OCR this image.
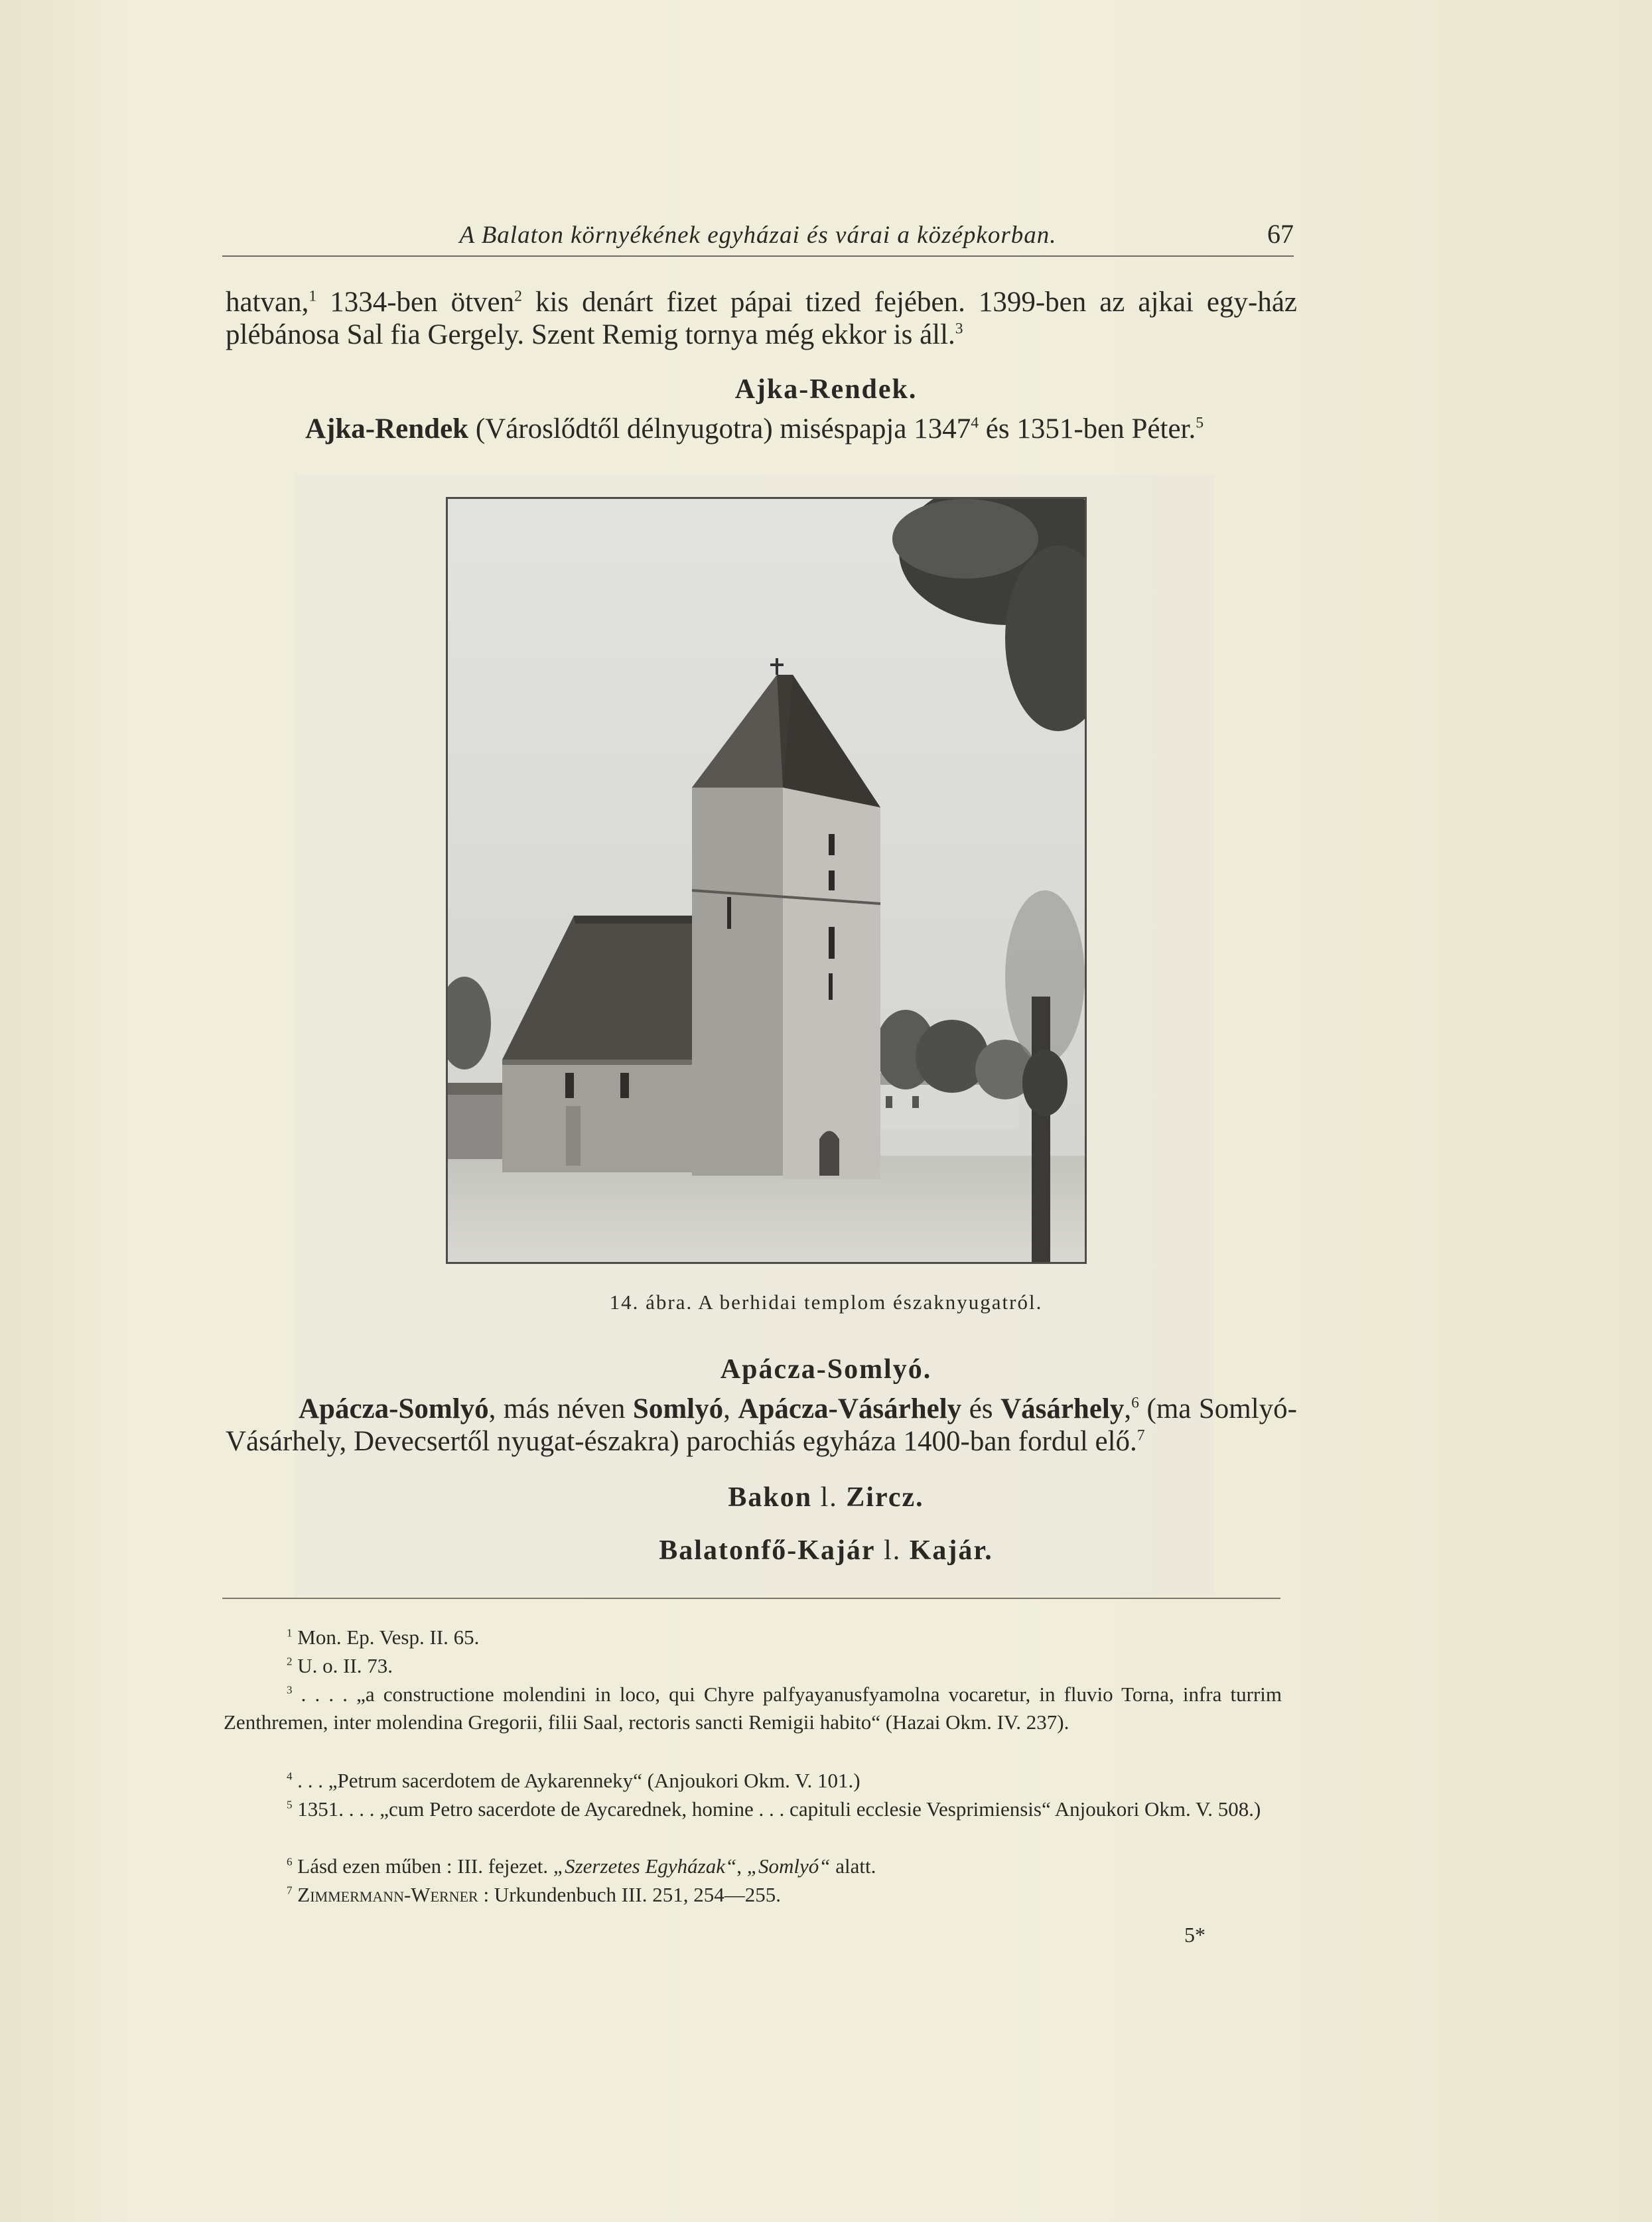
A Balaton környékének egyházai és várai a középkorban.	67

hatvan,$^1$ 1334-ben ötven$^2$ kis denárt fizet pápai tized fejében. 1399-ben az ajkai egy-ház plébánosa Sal fia Gergely. Szent Remig tornya még ekkor is áll.$^3$

Ajka-Rendek.

Ajka-Rendek (Városlődtől délnyugotra) miséspapja 1347$^4$ és 1351-ben Péter.$^5$

14. ábra. A berhidai templom északnyugatról.
Apácza-Somlyó.

Apácza-Somlyó, más néven Somlyó, Apácza-Vásárhely és Vásárhely,$^6$ (ma Somlyó-Vásárhely, Devecsertől nyugat-északra) parochiás egyháza 1400-ban fordul elő.$^7$

Bakon l. Zircz.
Balatonfő-Kajár l. Kajár.

$^1$ Mon. Ep. Vesp. II. 65.

$^2$ U. o. II. 73.

$^3$ . . . . „a constructione molendini in loco, qui Chyre palfyayanusfyamolna vocaretur, in fluvio Torna, infra turrim Zenthremen, inter molendina Gregorii, filii Saal, rectoris sancti Remigii habito“ (Hazai Okm. IV. 237).

$^4$ . . . „Petrum sacerdotem de Aykarenneky“ (Anjoukori Okm. V. 101.)

$^5$ 1351. . . . „cum Petro sacerdote de Aycarednek, homine . . . capituli ecclesie Vesprimiensis“ Anjoukori Okm. V. 508.)

$^6$ Lásd ezen műben : III. fejezet. „Szerzetes Egyházak“, „Somlyó“ alatt.

$^7$ Zimmermann-Werner : Urkundenbuch III. 251, 254—255.

5*
